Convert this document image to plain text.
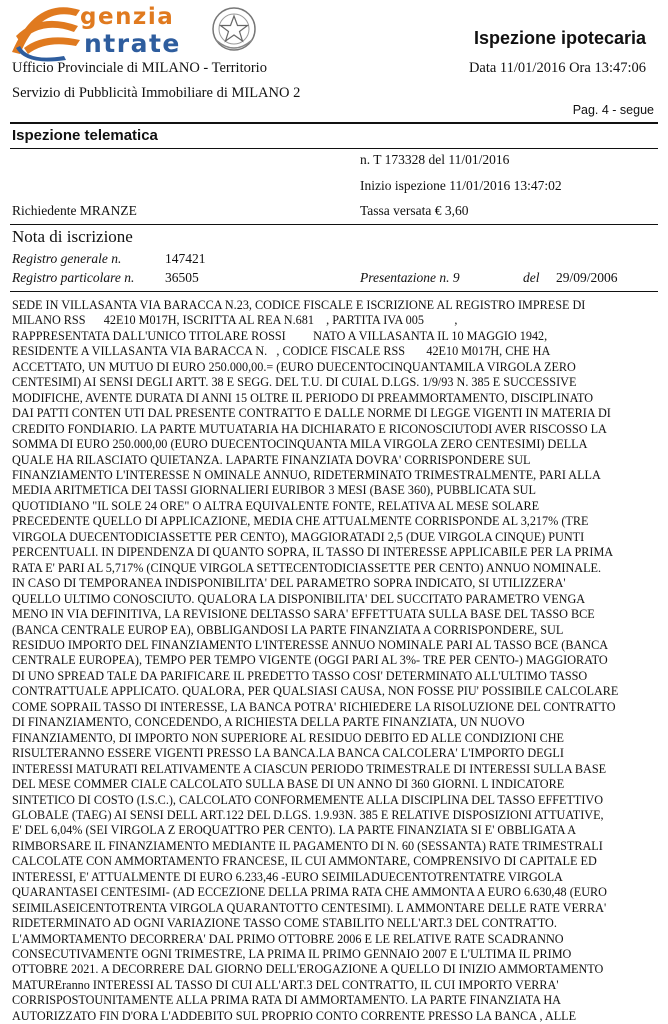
genzia
ntrate	Ispezione ipotecaria
Ufficio Provinciale di MILANO - Territorio	Data 11/01/2016 Ora 13:47:06
Servizio di Pubblicità Immobiliare di MILANO 2
Pag. 4 - segue
Ispezione telematica
n. T 173328 del 11/01/2016
Inizio ispezione 11/01/2016 13:47:02
Richiedente MRANZE	Tassa versata € 3,60
Nota di iscrizione
Registro generale n.	147421
Registro particolare n. 36505	Presentazione n. 9	del 29/09/2006
SEDE IN VILLASANTA VIA BARACCA N.23, CODICE FISCALE E ISCRIZIONE AL REGISTRO IMPRESE DI
MILANO RSS      42E10 M017H, ISCRITTA AL REA N.681    , PARTITA IVA 005          ,
RAPPRESENTATA DALL'UNICO TITOLARE ROSSI         NATO A VILLASANTA IL 10 MAGGIO 1942,
RESIDENTE A VILLASANTA VIA BARACCA N.   , CODICE FISCALE RSS       42E10 M017H, CHE HA
ACCETTATO, UN MUTUO DI EURO 250.000,00.= (EURO DUECENTOCINQUANTAMILA VIRGOLA ZERO
CENTESIMI) AI SENSI DEGLI ARTT. 38 E SEGG. DEL T.U. DI CUIAL D.LGS. 1/9/93 N. 385 E SUCCESSIVE
MODIFICHE, AVENTE DURATA DI ANNI 15 OLTRE IL PERIODO DI PREAMMORTAMENTO, DISCIPLINATO
DAI PATTI CONTEN UTI DAL PRESENTE CONTRATTO E DALLE NORME DI LEGGE VIGENTI IN MATERIA DI
CREDITO FONDIARIO. LA PARTE MUTUATARIA HA DICHIARATO E RICONOSCIUTODI AVER RISCOSSO LA
SOMMA DI EURO 250.000,00 (EURO DUECENTOCINQUANTA MILA VIRGOLA ZERO CENTESIMI) DELLA
QUALE HA RILASCIATO QUIETANZA. LAPARTE FINANZIATA DOVRA' CORRISPONDERE SUL
FINANZIAMENTO L'INTERESSE N OMINALE ANNUO, RIDETERMINATO TRIMESTRALMENTE, PARI ALLA
MEDIA ARITMETICA DEI TASSI GIORNALIERI EURIBOR 3 MESI (BASE 360), PUBBLICATA SUL
QUOTIDIANO "IL SOLE 24 ORE" O ALTRA EQUIVALENTE FONTE, RELATIVA AL MESE SOLARE
PRECEDENTE QUELLO DI APPLICAZIONE, MEDIA CHE ATTUALMENTE CORRISPONDE AL 3,217% (TRE
VIRGOLA DUECENTODICIASSETTE PER CENTO), MAGGIORATADI 2,5 (DUE VIRGOLA CINQUE) PUNTI
PERCENTUALI. IN DIPENDENZA DI QUANTO SOPRA, IL TASSO DI INTERESSE APPLICABILE PER LA PRIMA
RATA E' PARI AL 5,717% (CINQUE VIRGOLA SETTECENTODICIASSETTE PER CENTO) ANNUO NOMINALE.
IN CASO DI TEMPORANEA INDISPONIBILITA' DEL PARAMETRO SOPRA INDICATO, SI UTILIZZERA'
QUELLO ULTIMO CONOSCIUTO. QUALORA LA DISPONIBILITA' DEL SUCCITATO PARAMETRO VENGA
MENO IN VIA DEFINITIVA, LA REVISIONE DELTASSO SARA' EFFETTUATA SULLA BASE DEL TASSO BCE
(BANCA CENTRALE EUROP EA), OBBLIGANDOSI LA PARTE FINANZIATA A CORRISPONDERE, SUL
RESIDUO IMPORTO DEL FINANZIAMENTO L'INTERESSE ANNUO NOMINALE PARI AL TASSO BCE (BANCA
CENTRALE EUROPEA), TEMPO PER TEMPO VIGENTE (OGGI PARI AL 3%- TRE PER CENTO-) MAGGIORATO
DI UNO SPREAD TALE DA PARIFICARE IL PREDETTO TASSO COSI' DETERMINATO ALL'ULTIMO TASSO
CONTRATTUALE APPLICATO. QUALORA, PER QUALSIASI CAUSA, NON FOSSE PIU' POSSIBILE CALCOLARE
COME SOPRAIL TASSO DI INTERESSE, LA BANCA POTRA' RICHIEDERE LA RISOLUZIONE DEL CONTRATTO
DI FINANZIAMENTO, CONCEDENDO, A RICHIESTA DELLA PARTE FINANZIATA, UN NUOVO
FINANZIAMENTO, DI IMPORTO NON SUPERIORE AL RESIDUO DEBITO ED ALLE CONDIZIONI CHE
RISULTERANNO ESSERE VIGENTI PRESSO LA BANCA.LA BANCA CALCOLERA' L'IMPORTO DEGLI
INTERESSI MATURATI RELATIVAMENTE A CIASCUN PERIODO TRIMESTRALE DI INTERESSI SULLA BASE
DEL MESE COMMER CIALE CALCOLATO SULLA BASE DI UN ANNO DI 360 GIORNI. L INDICATORE
SINTETICO DI COSTO (I.S.C.), CALCOLATO CONFORMEMENTE ALLA DISCIPLINA DEL TASSO EFFETTIVO
GLOBALE (TAEG) AI SENSI DELL ART.122 DEL D.LGS. 1.9.93N. 385 E RELATIVE DISPOSIZIONI ATTUATIVE,
E' DEL 6,04% (SEI VIRGOLA Z EROQUATTRO PER CENTO). LA PARTE FINANZIATA SI E' OBBLIGATA A
RIMBORSARE IL FINANZIAMENTO MEDIANTE IL PAGAMENTO DI N. 60 (SESSANTA) RATE TRIMESTRALI
CALCOLATE CON AMMORTAMENTO FRANCESE, IL CUI AMMONTARE, COMPRENSIVO DI CAPITALE ED
INTERESSI, E' ATTUALMENTE DI EURO 6.233,46 -EURO SEIMILADUECENTOTRENTATRE VIRGOLA
QUARANTASEI CENTESIMI- (AD ECCEZIONE DELLA PRIMA RATA CHE AMMONTA A EURO 6.630,48 (EURO
SEIMILASEICENTOTRENTA VIRGOLA QUARANTOTTO CENTESIMI). L AMMONTARE DELLE RATE VERRA'
RIDETERMINATO AD OGNI VARIAZIONE TASSO COME STABILITO NELL'ART.3 DEL CONTRATTO.
L'AMMORTAMENTO DECORRERA' DAL PRIMO OTTOBRE 2006 E LE RELATIVE RATE SCADRANNO
CONSECUTIVAMENTE OGNI TRIMESTRE, LA PRIMA IL PRIMO GENNAIO 2007 E L'ULTIMA IL PRIMO
OTTOBRE 2021. A DECORRERE DAL GIORNO DELL'EROGAZIONE A QUELLO DI INIZIO AMMORTAMENTO
MATUREranno INTERESSI AL TASSO DI CUI ALL'ART.3 DEL CONTRATTO, IL CUI IMPORTO VERRA'
CORRISPOSTOUNITAMENTE ALLA PRIMA RATA DI AMMORTAMENTO. LA PARTE FINANZIATA HA
AUTORIZZATO FIN D'ORA L'ADDEBITO SUL PROPRIO CONTO CORRENTE PRESSO LA BANCA , ALLE
